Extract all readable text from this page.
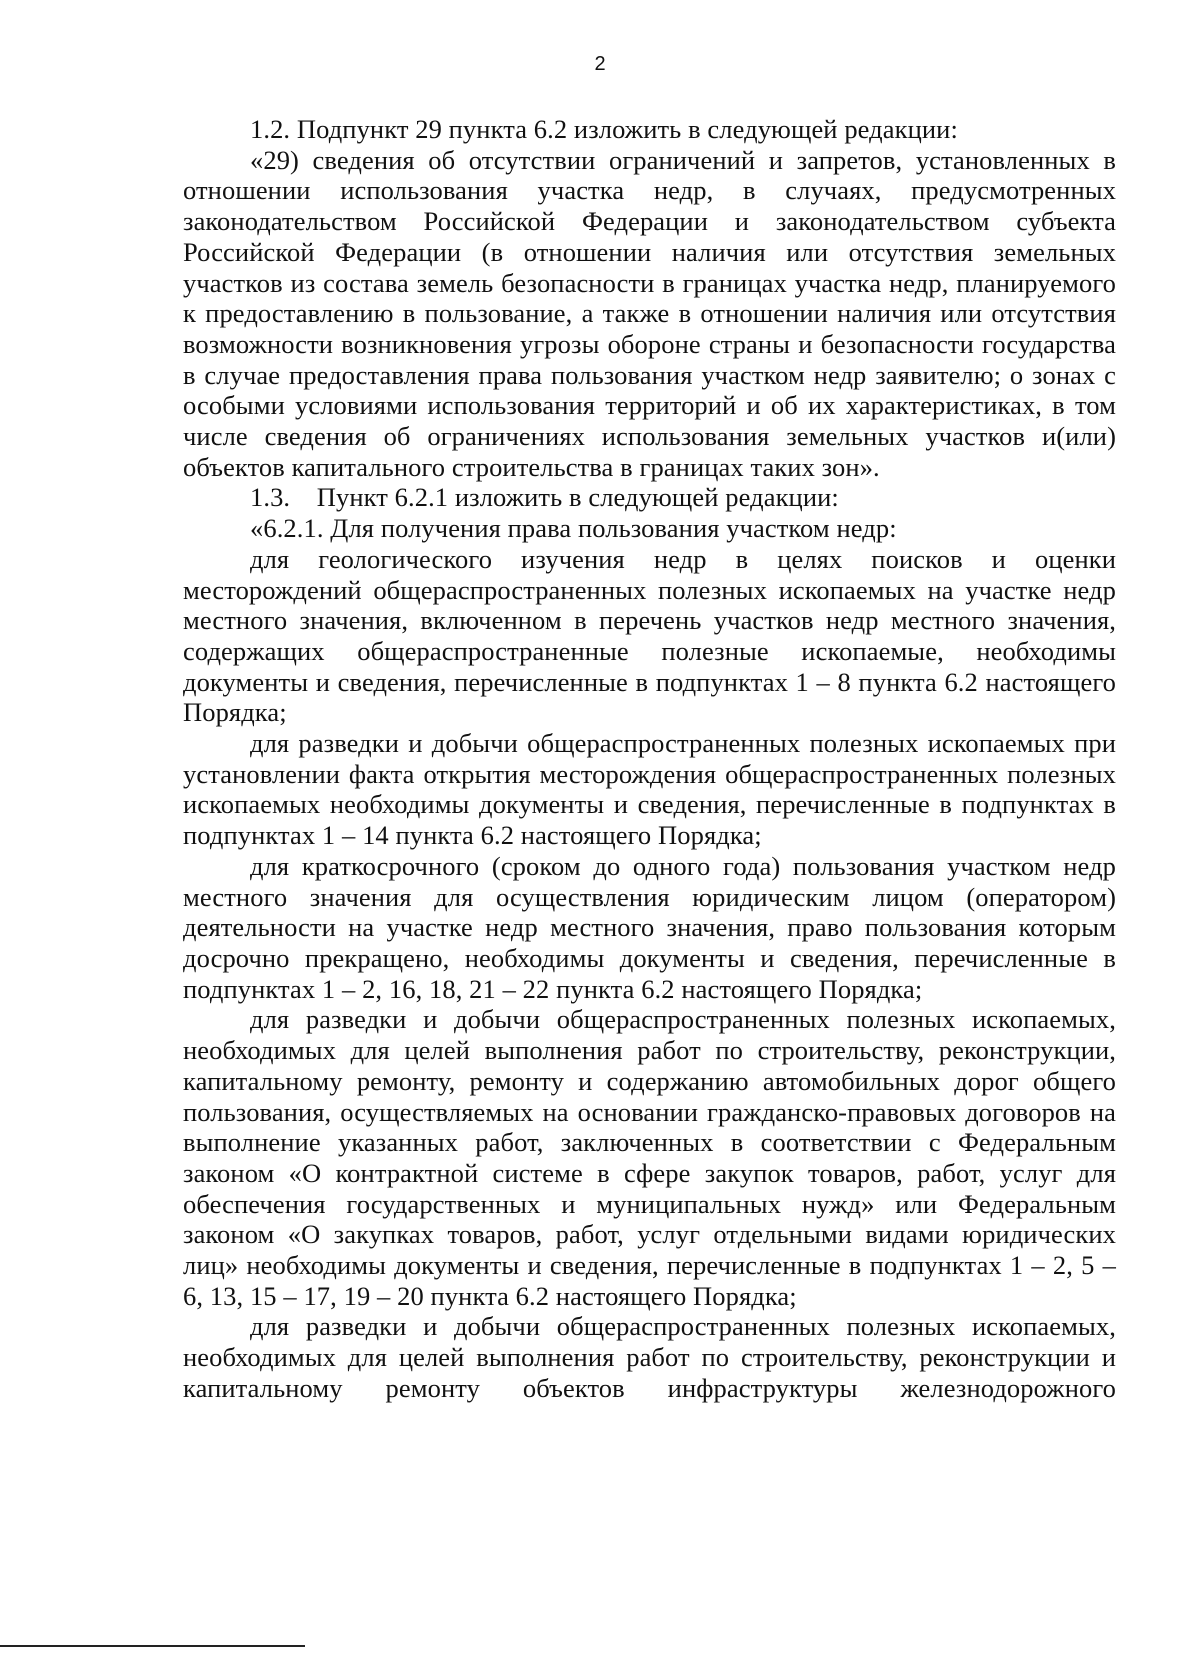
2

1.2. Подпункт 29 пункта 6.2 изложить в следующей редакции:

«29) сведения об отсутствии ограничений и запретов, установленных в отношении использования участка недр, в случаях, предусмотренных законодательством Российской Федерации и законодательством субъекта Российской Федерации (в отношении наличия или отсутствия земельных участков из состава земель безопасности в границах участка недр, планируемого к предоставлению в пользование, а также в отношении наличия или отсутствия возможности возникновения угрозы обороне страны и безопасности государства в случае предоставления права пользования участком недр заявителю; о зонах с особыми условиями использования территорий и об их характеристиках, в том числе сведения об ограничениях использования земельных участков и(или) объектов капитального строительства в границах таких зон».

1.3. Пункт 6.2.1 изложить в следующей редакции:

«6.2.1. Для получения права пользования участком недр:

для геологического изучения недр в целях поисков и оценки месторождений общераспространенных полезных ископаемых на участке недр местного значения, включенном в перечень участков недр местного значения, содержащих общераспространенные полезные ископаемые, необходимы документы и сведения, перечисленные в подпунктах 1 – 8 пункта 6.2 настоящего Порядка;

для разведки и добычи общераспространенных полезных ископаемых при установлении факта открытия месторождения общераспространенных полезных ископаемых необходимы документы и сведения, перечисленные в подпунктах в подпунктах 1 – 14 пункта 6.2 настоящего Порядка;

для краткосрочного (сроком до одного года) пользования участком недр местного значения для осуществления юридическим лицом (оператором) деятельности на участке недр местного значения, право пользования которым досрочно прекращено, необходимы документы и сведения, перечисленные в подпунктах 1 – 2, 16, 18, 21 – 22 пункта 6.2 настоящего Порядка;

для разведки и добычи общераспространенных полезных ископаемых, необходимых для целей выполнения работ по строительству, реконструкции, капитальному ремонту, ремонту и содержанию автомобильных дорог общего пользования, осуществляемых на основании гражданско-правовых договоров на выполнение указанных работ, заключенных в соответствии с Федеральным законом «О контрактной системе в сфере закупок товаров, работ, услуг для обеспечения государственных и муниципальных нужд» или Федеральным законом «О закупках товаров, работ, услуг отдельными видами юридических лиц» необходимы документы и сведения, перечисленные в подпунктах 1 – 2, 5 – 6, 13, 15 – 17, 19 – 20 пункта 6.2 настоящего Порядка;

для разведки и добычи общераспространенных полезных ископаемых, необходимых для целей выполнения работ по строительству, реконструкции и капитальному ремонту объектов инфраструктуры железнодорожного
